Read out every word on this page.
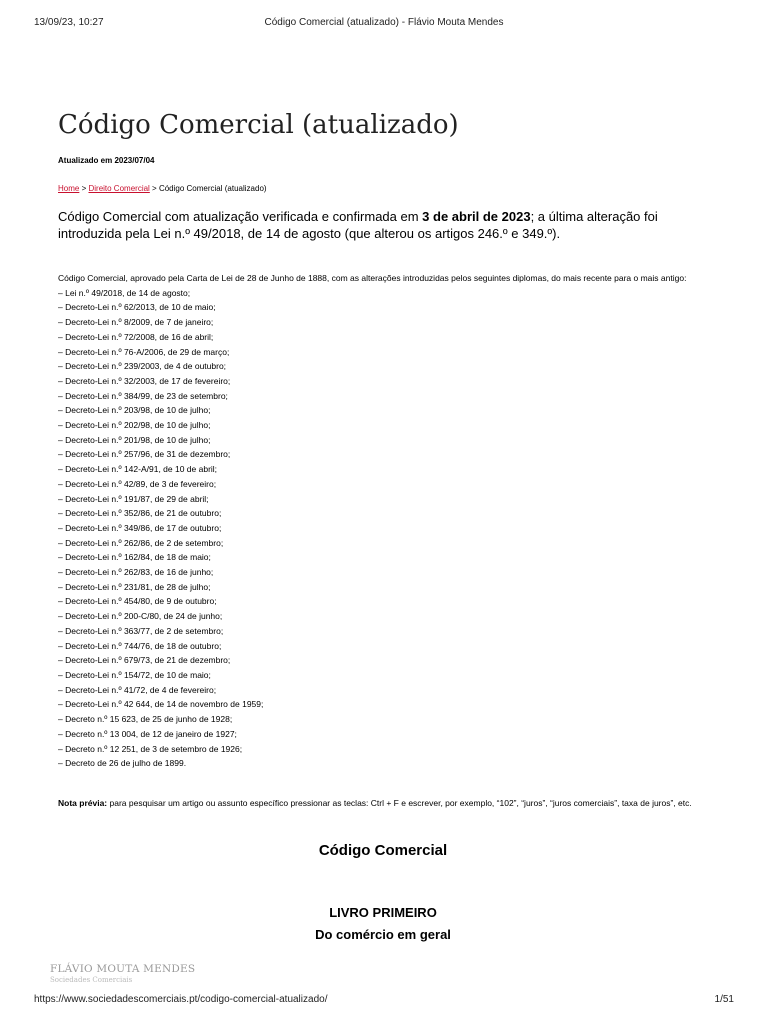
13/09/23, 10:27	Código Comercial (atualizado) - Flávio Mouta Mendes
Código Comercial (atualizado)
Atualizado em 2023/07/04
Home > Direito Comercial > Código Comercial (atualizado)

Código Comercial com atualização verificada e confirmada em 3 de abril de 2023; a última alteração foi introduzida pela Lei n.º 49/2018, de 14 de agosto (que alterou os artigos 246.º e 349.º).

Código Comercial, aprovado pela Carta de Lei de 28 de Junho de 1888, com as alterações introduzidas pelos seguintes diplomas, do mais recente para o mais antigo:
– Lei n.º 49/2018, de 14 de agosto;
– Decreto-Lei n.º 62/2013, de 10 de maio;
– Decreto-Lei n.º 8/2009, de 7 de janeiro;
– Decreto-Lei n.º 72/2008, de 16 de abril;
– Decreto-Lei n.º 76-A/2006, de 29 de março;
– Decreto-Lei n.º 239/2003, de 4 de outubro;
– Decreto-Lei n.º 32/2003, de 17 de fevereiro;
– Decreto-Lei n.º 384/99, de 23 de setembro;
– Decreto-Lei n.º 203/98, de 10 de julho;
– Decreto-Lei n.º 202/98, de 10 de julho;
– Decreto-Lei n.º 201/98, de 10 de julho;
– Decreto-Lei n.º 257/96, de 31 de dezembro;
– Decreto-Lei n.º 142-A/91, de 10 de abril;
– Decreto-Lei n.º 42/89, de 3 de fevereiro;
– Decreto-Lei n.º 191/87, de 29 de abril;
– Decreto-Lei n.º 352/86, de 21 de outubro;
– Decreto-Lei n.º 349/86, de 17 de outubro;
– Decreto-Lei n.º 262/86, de 2 de setembro;
– Decreto-Lei n.º 162/84, de 18 de maio;
– Decreto-Lei n.º 262/83, de 16 de junho;
– Decreto-Lei n.º 231/81, de 28 de julho;
– Decreto-Lei n.º 454/80, de 9 de outubro;
– Decreto-Lei n.º 200-C/80, de 24 de junho;
– Decreto-Lei n.º 363/77, de 2 de setembro;
– Decreto-Lei n.º 744/76, de 18 de outubro;
– Decreto-Lei n.º 679/73, de 21 de dezembro;
– Decreto-Lei n.º 154/72, de 10 de maio;
– Decreto-Lei n.º 41/72, de 4 de fevereiro;
– Decreto-Lei n.º 42 644, de 14 de novembro de 1959;
– Decreto n.º 15 623, de 25 de junho de 1928;
– Decreto n.º 13 004, de 12 de janeiro de 1927;
– Decreto n.º 12 251, de 3 de setembro de 1926;
– Decreto de 26 de julho de 1899.

Nota prévia: para pesquisar um artigo ou assunto específico pressionar as teclas: Ctrl + F e escrever, por exemplo, “102”, “juros”, “juros comerciais”, taxa de juros”, etc.

Código Comercial
LIVRO PRIMEIRO
Do comércio em geral
FLÁVIO MOUTA MENDES
Sociedades Comerciais
https://www.sociedadescomerciais.pt/codigo-comercial-atualizado/	1/51
